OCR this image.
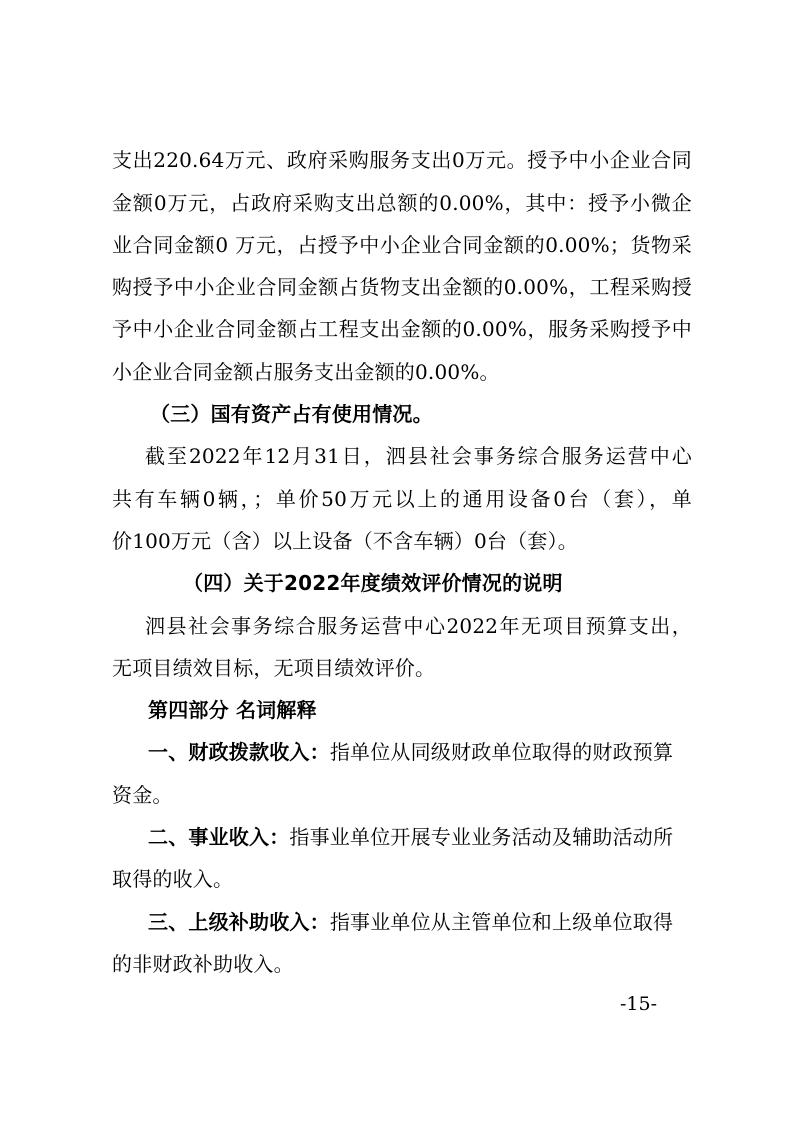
支出220.64万元、政府采购服务支出0万元。授予中小企业合同
金额0万元，占政府采购支出总额的0.00%，其中：授予小微企
业合同金额0 万元，占授予中小企业合同金额的0.00%；货物采
购授予中小企业合同金额占货物支出金额的0.00%，工程采购授
予中小企业合同金额占工程支出金额的0.00%，服务采购授予中
小企业合同金额占服务支出金额的0.00%。
（三）国有资产占有使用情况。
截至2022年12月31日，泗县社会事务综合服务运营中心
共有车辆0辆，；单价50万元以上的通用设备0台（套），单
价100万元（含）以上设备（不含车辆）0台（套）。
（四）关于2022年度绩效评价情况的说明
泗县社会事务综合服务运营中心2022年无项目预算支出，
无项目绩效目标，无项目绩效评价。
第四部分 名词解释
一、财政拨款收入：指单位从同级财政单位取得的财政预算
资金。
二、事业收入：指事业单位开展专业业务活动及辅助活动所
取得的收入。
三、上级补助收入：指事业单位从主管单位和上级单位取得
的非财政补助收入。
-15-
